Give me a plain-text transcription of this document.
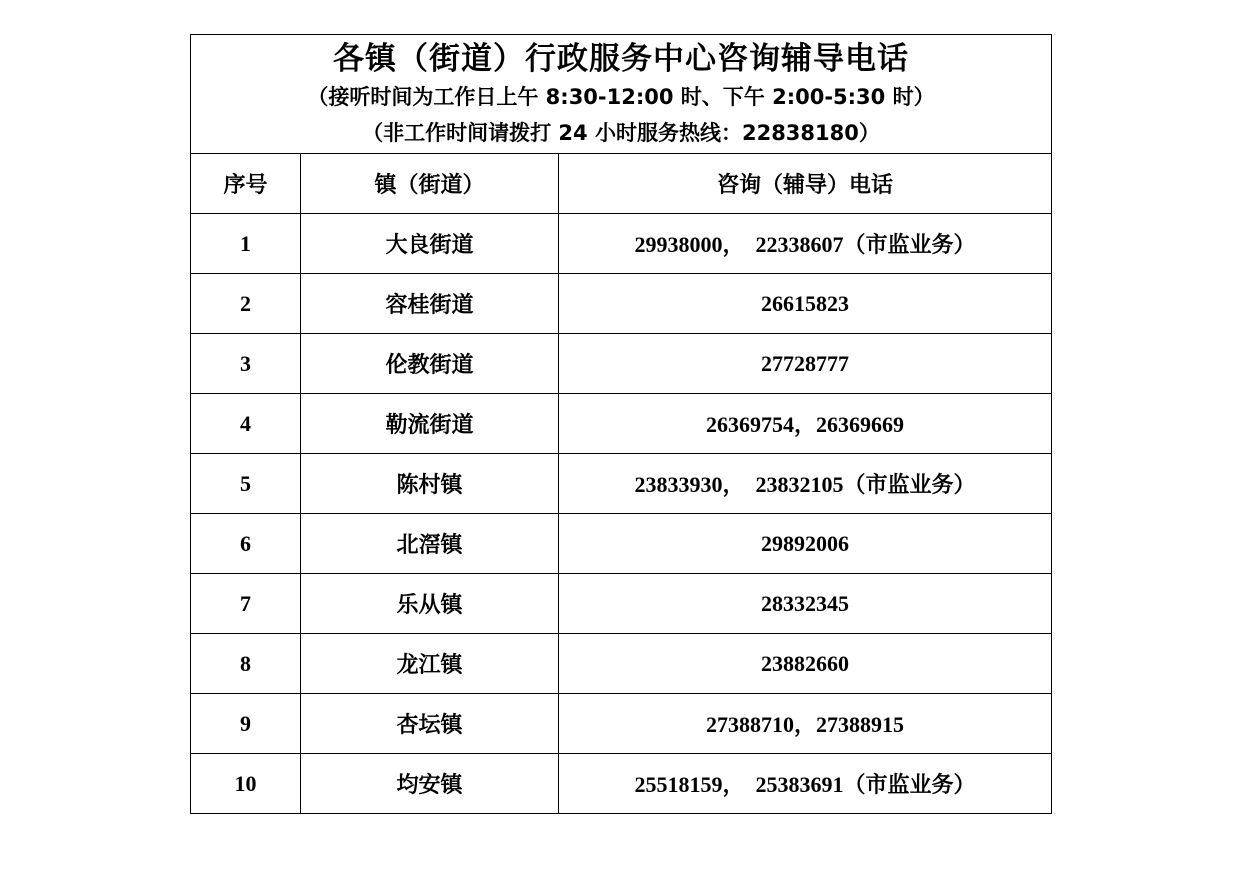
各镇（街道）行政服务中心咨询辅导电话
（接听时间为工作日上午 8:30-12:00 时、下午 2:00-5:30 时）
（非工作时间请拨打 24 小时服务热线：22838180）		

序号	镇（街道）	咨询（辅导）电话
1	大良街道	29938000，  22338607（市监业务）
2	容桂街道	26615823
3	伦教街道	27728777
4	勒流街道	26369754，26369669
5	陈村镇	23833930，  23832105（市监业务）
6	北滘镇	29892006
7	乐从镇	28332345
8	龙江镇	23882660
9	杏坛镇	27388710，27388915
10	均安镇	25518159，  25383691（市监业务）
